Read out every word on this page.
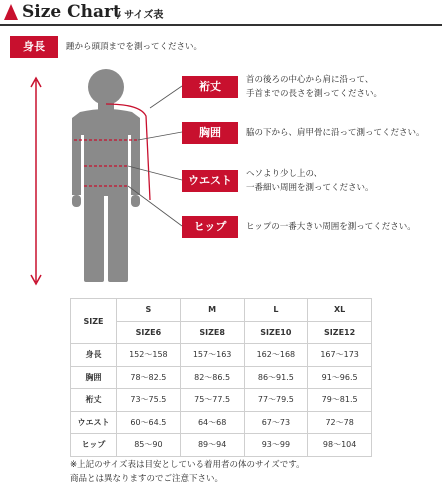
Size Chart
/ サイズ表
身長	踵から頭頂までを測ってください。
裄丈	首の後ろの中心から肩に沿って、
手首までの長さを測ってください。
胸囲	脇の下から、肩甲骨に沿って測ってください。
ウエスト	ヘソより少し上の、
一番細い周囲を測ってください。
ヒップ	ヒップの一番大きい周囲を測ってください。
SIZE	S	M	L	XL
	SIZE6	SIZE8	SIZE10	SIZE12
身長	152～158	157～163	162～168	167～173
胸囲	78～82.5	82～86.5	86～91.5	91～96.5
裄丈	73～75.5	75～77.5	77～79.5	79～81.5
ウエスト	60～64.5	64～68	67～73	72～78
ヒップ	85～90	89～94	93～99	98～104
※上記のサイズ表は目安としている着用者の体のサイズです。
商品とは異なりますのでご注意下さい。
